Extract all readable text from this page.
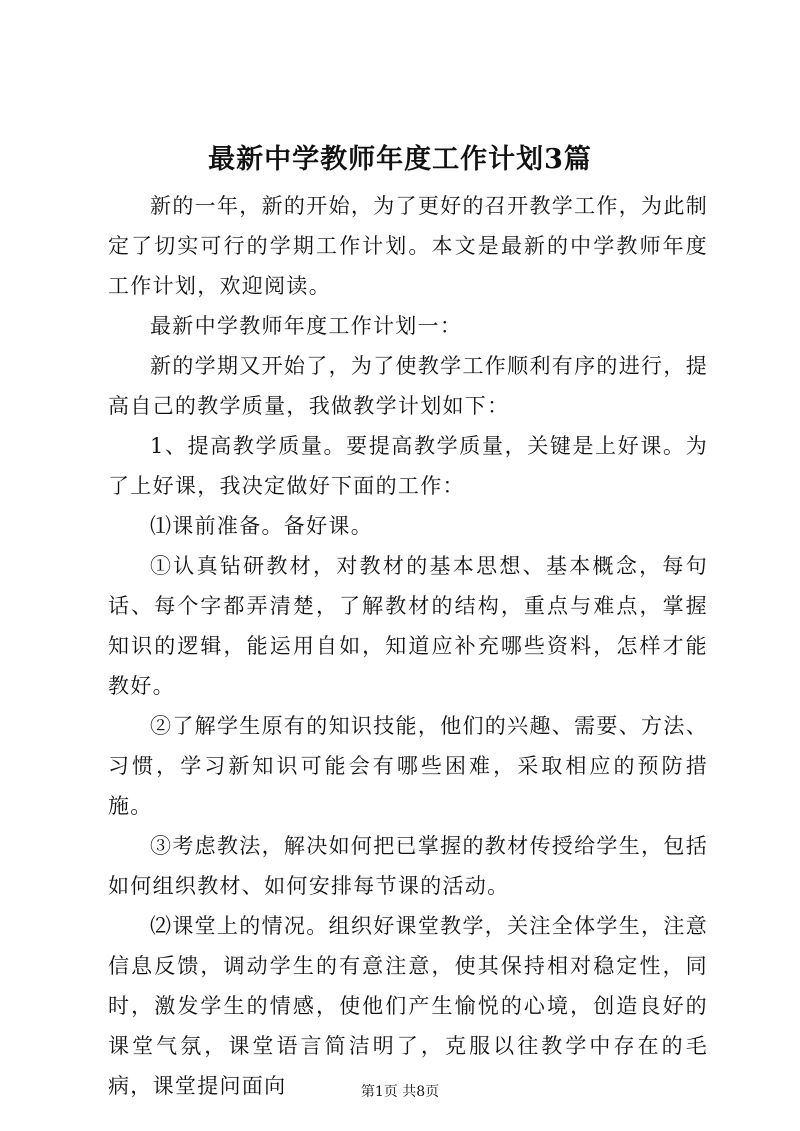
最新中学教师年度工作计划3篇

新的一年，新的开始，为了更好的召开教学工作，为此制定了切实可行的学期工作计划。本文是最新的中学教师年度工作计划，欢迎阅读。

最新中学教师年度工作计划一：

新的学期又开始了，为了使教学工作顺利有序的进行，提高自己的教学质量，我做教学计划如下：

1、提高教学质量。要提高教学质量，关键是上好课。为了上好课，我决定做好下面的工作：

⑴课前准备。备好课。

①认真钻研教材，对教材的基本思想、基本概念，每句话、每个字都弄清楚，了解教材的结构，重点与难点，掌握知识的逻辑，能运用自如，知道应补充哪些资料，怎样才能教好。

②了解学生原有的知识技能，他们的兴趣、需要、方法、习惯，学习新知识可能会有哪些困难，采取相应的预防措施。

③考虑教法，解决如何把已掌握的教材传授给学生，包括如何组织教材、如何安排每节课的活动。

⑵课堂上的情况。组织好课堂教学，关注全体学生，注意信息反馈，调动学生的有意注意，使其保持相对稳定性，同时，激发学生的情感，使他们产生愉悦的心境，创造良好的课堂气氛，课堂语言简洁明了，克服以往教学中存在的毛病，课堂提问面向	第1页 共8页
